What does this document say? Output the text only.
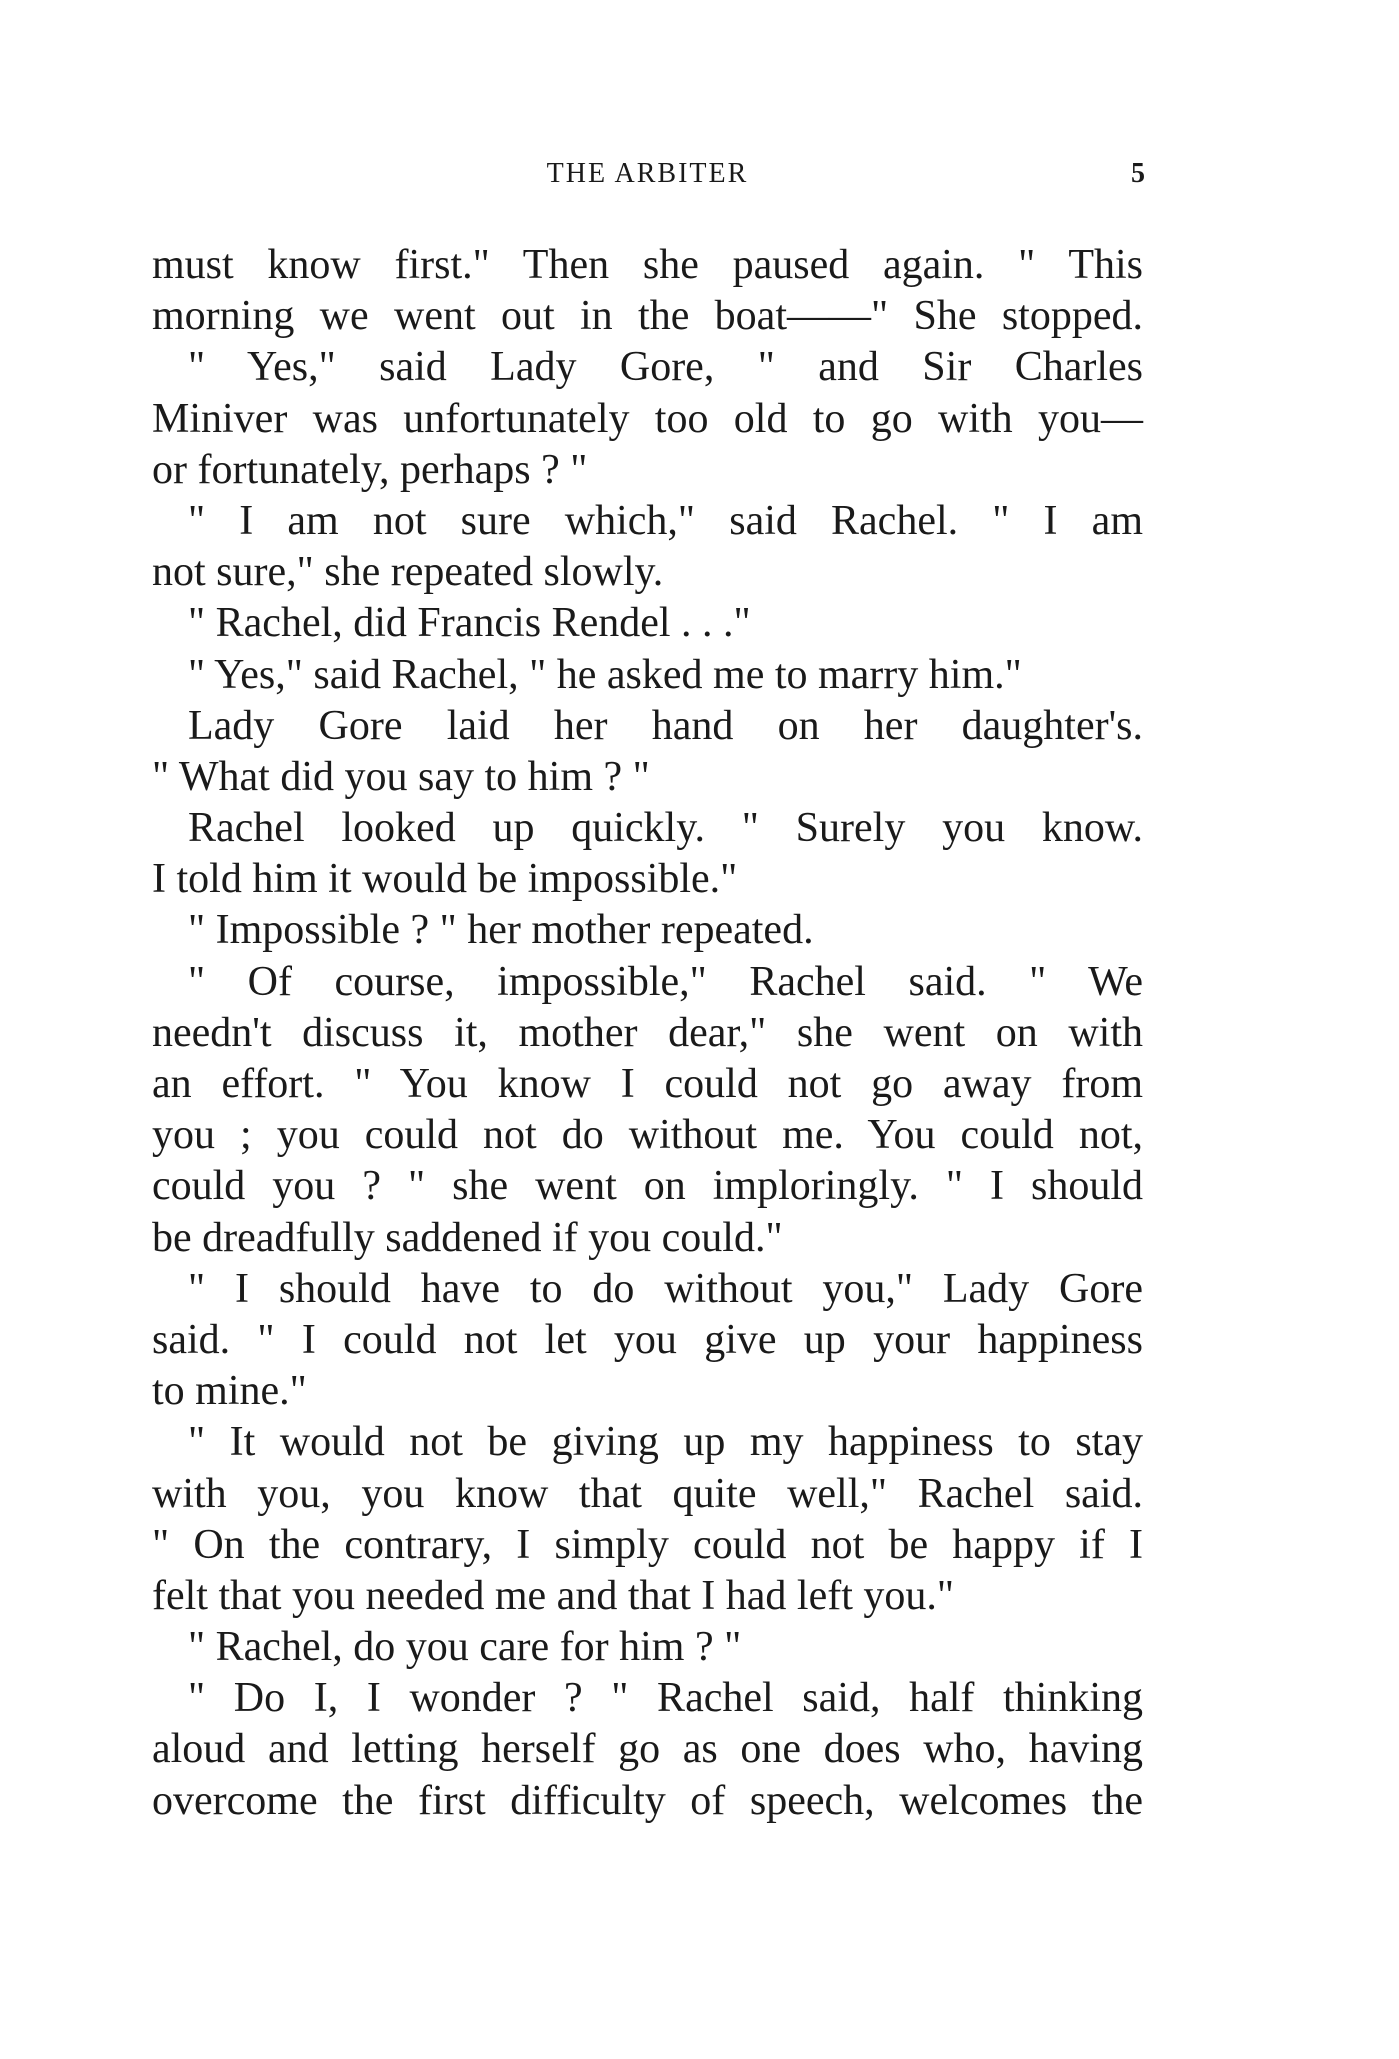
THE ARBITER	5
must know first." Then she paused again. " This
morning we went out in the boat——" She stopped.
" Yes," said Lady Gore, " and Sir Charles
Miniver was unfortunately too old to go with you—
or fortunately, perhaps ? "
" I am not sure which," said Rachel. " I am
not sure," she repeated slowly.
" Rachel, did Francis Rendel . . ."
" Yes," said Rachel, " he asked me to marry him."
Lady Gore laid her hand on her daughter's.
" What did you say to him ? "
Rachel looked up quickly. " Surely you know.
I told him it would be impossible."
" Impossible ? " her mother repeated.
" Of course, impossible," Rachel said. " We
needn't discuss it, mother dear," she went on with
an effort. " You know I could not go away from
you ; you could not do without me. You could not,
could you ? " she went on imploringly. " I should
be dreadfully saddened if you could."
" I should have to do without you," Lady Gore
said. " I could not let you give up your happiness
to mine."
" It would not be giving up my happiness to stay
with you, you know that quite well," Rachel said.
" On the contrary, I simply could not be happy if I
felt that you needed me and that I had left you."
" Rachel, do you care for him ? "
" Do I, I wonder ? " Rachel said, half thinking
aloud and letting herself go as one does who, having
overcome the first difficulty of speech, welcomes the
